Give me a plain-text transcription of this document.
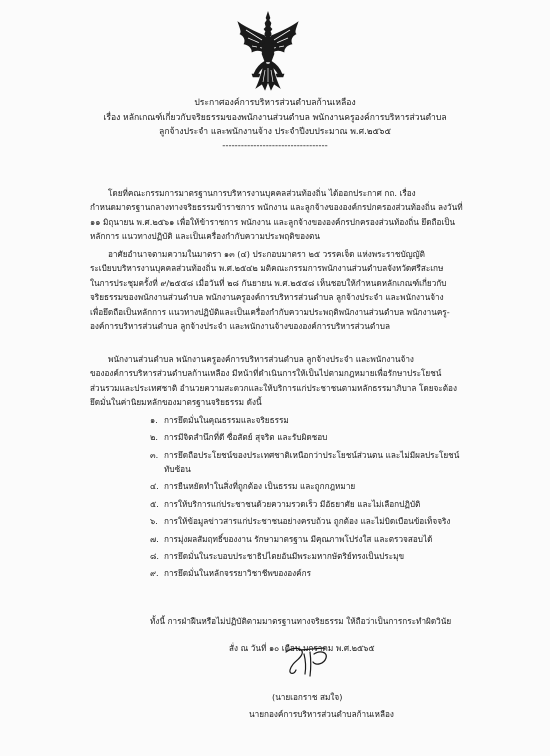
ประกาศองค์การบริหารส่วนตำบลก้านเหลือง
เรื่อง หลักเกณฑ์เกี่ยวกับจริยธรรมของพนักงานส่วนตำบล พนักงานครูองค์การบริหารส่วนตำบล
ลูกจ้างประจำ และพนักงานจ้าง ประจำปีงบประมาณ พ.ศ.๒๕๖๕
----------------------------------
โดยที่คณะกรรมการมาตรฐานการบริหารงานบุคคลส่วนท้องถิ่น ได้ออกประกาศ กถ. เรื่อง
กำหนดมาตรฐานกลางทางจริยธรรมข้าราชการ พนักงาน และลูกจ้างขององค์กรปกครองส่วนท้องถิ่น ลงวันที่
๑๑ มิถุนายน พ.ศ.๒๕๖๑ เพื่อให้ข้าราชการ พนักงาน และลูกจ้างขององค์กรปกครองส่วนท้องถิ่น ยึดถือเป็น
หลักการ แนวทางปฏิบัติ และเป็นเครื่องกำกับความประพฤติของตน
อาศัยอำนาจตามความในมาตรา ๑๓ (๔) ประกอบมาตรา ๒๕ วรรคเจ็ด แห่งพระราชบัญญัติ
ระเบียบบริหารงานบุคคลส่วนท้องถิ่น พ.ศ.๒๕๔๒ มติคณะกรรมการพนักงานส่วนตำบลจังหวัดศรีสะเกษ
ในการประชุมครั้งที่ ๙/๒๕๕๘ เมื่อวันที่ ๒๘ กันยายน พ.ศ.๒๕๕๘ เห็นชอบให้กำหนดหลักเกณฑ์เกี่ยวกับ
จริยธรรมของพนักงานส่วนตำบล พนักงานครูองค์การบริหารส่วนตำบล ลูกจ้างประจำ และพนักงานจ้าง
เพื่อยึดถือเป็นหลักการ แนวทางปฏิบัติและเป็นเครื่องกำกับความประพฤติพนักงานส่วนตำบล พนักงานครู-
องค์การบริหารส่วนตำบล ลูกจ้างประจำ และพนักงานจ้างขององค์การบริหารส่วนตำบล
พนักงานส่วนตำบล พนักงานครูองค์การบริหารส่วนตำบล ลูกจ้างประจำ และพนักงานจ้าง
ขององค์การบริหารส่วนตำบลก้านเหลือง มีหน้าที่ดำเนินการให้เป็นไปตามกฎหมายเพื่อรักษาประโยชน์
ส่วนรวมและประเทศชาติ อำนวยความสะดวกและให้บริการแก่ประชาชนตามหลักธรรมาภิบาล โดยจะต้อง
ยึดมั่นในค่านิยมหลักของมาตรฐานจริยธรรม ดังนี้
๑. การยึดมั่นในคุณธรรมและจริยธรรม
๒. การมีจิตสำนึกที่ดี ซื่อสัตย์ สุจริต และรับผิดชอบ
๓. การยึดถือประโยชน์ของประเทศชาติเหนือกว่าประโยชน์ส่วนตน และไม่มีผลประโยชน์
ทับซ้อน
๔. การยืนหยัดทำในสิ่งที่ถูกต้อง เป็นธรรม และถูกกฎหมาย
๕. การให้บริการแก่ประชาชนด้วยความรวดเร็ว มีอัธยาศัย และไม่เลือกปฏิบัติ
๖. การให้ข้อมูลข่าวสารแก่ประชาชนอย่างครบถ้วน ถูกต้อง และไม่บิดเบือนข้อเท็จจริง
๗. การมุ่งผลสัมฤทธิ์ของงาน รักษามาตรฐาน มีคุณภาพโปร่งใส และตรวจสอบได้
๘. การยึดมั่นในระบอบประชาธิปไตยอันมีพระมหากษัตริย์ทรงเป็นประมุข
๙. การยึดมั่นในหลักจรรยาวิชาชีพขององค์กร
ทั้งนี้ การฝ่าฝืนหรือไม่ปฏิบัติตามมาตรฐานทางจริยธรรม ให้ถือว่าเป็นการกระทำผิดวินัย
สั่ง ณ วันที่ ๑๐ เดือน มกราคม พ.ศ.๒๕๖๕
(นายเอกราช สมใจ)
นายกองค์การบริหารส่วนตำบลก้านเหลือง
